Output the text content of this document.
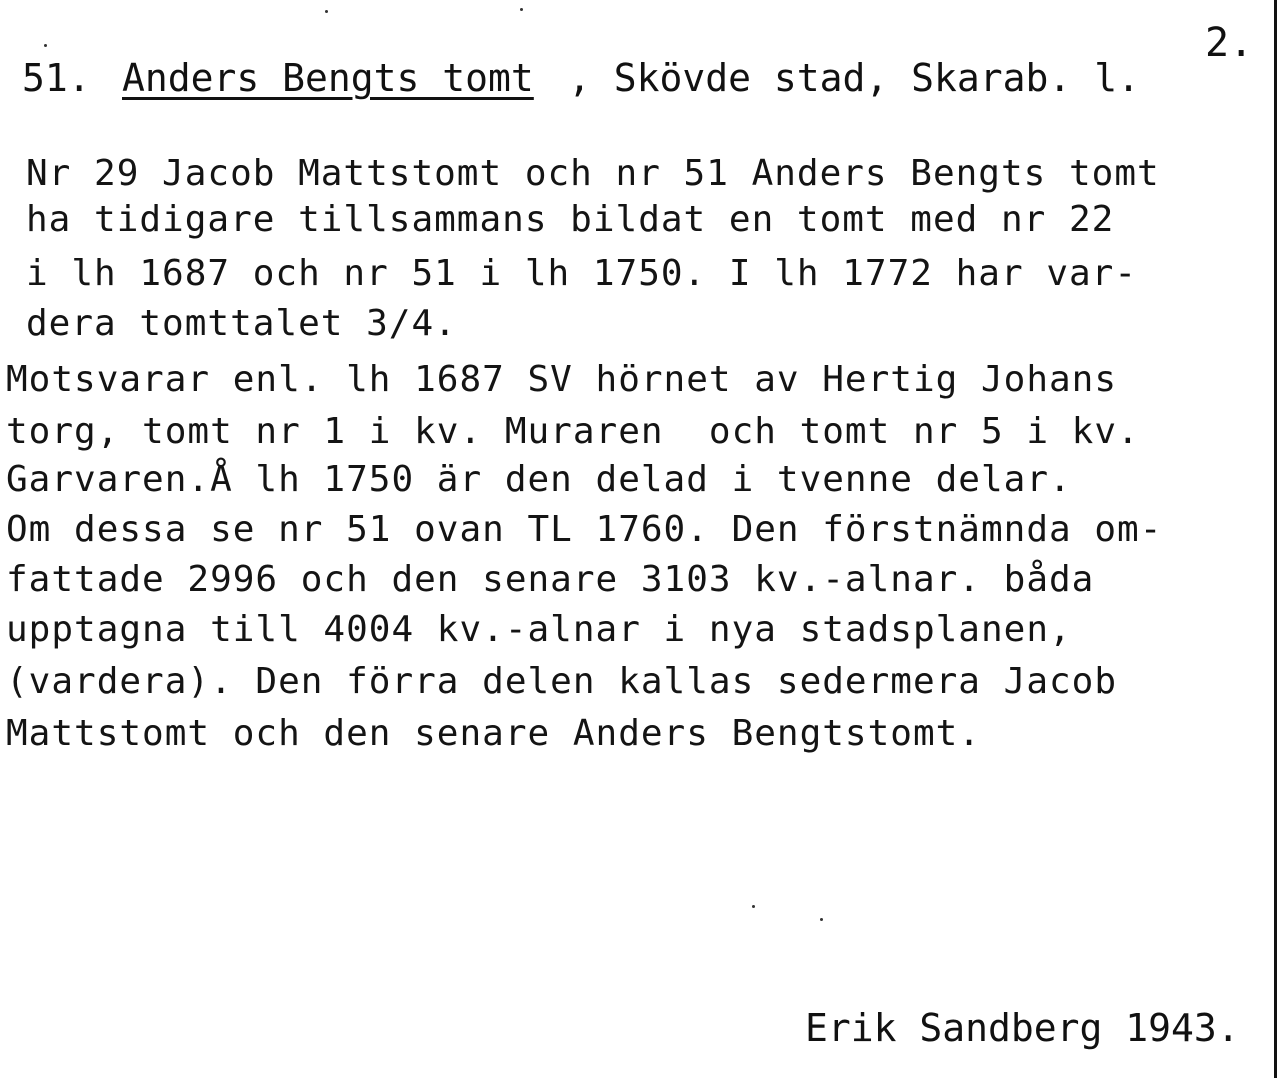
2.
51. Anders Bengts tomt , Skövde stad, Skarab. l.
Nr 29 Jacob Mattstomt och nr 51 Anders Bengts tomt
ha tidigare tillsammans bildat en tomt med nr 22
i lh 1687 och nr 51 i lh 1750. I lh 1772 har var-
dera tomttalet 3/4.
Motsvarar enl. lh 1687 SV hörnet av Hertig Johans
torg, tomt nr 1 i kv. Muraren  och tomt nr 5 i kv.
Garvaren.Å lh 1750 är den delad i tvenne delar.
Om dessa se nr 51 ovan TL 1760. Den förstnämnda om-
fattade 2996 och den senare 3103 kv.-alnar. båda
upptagna till 4004 kv.-alnar i nya stadsplanen,
(vardera). Den förra delen kallas sedermera Jacob
Mattstomt och den senare Anders Bengtstomt.
Erik Sandberg 1943.
